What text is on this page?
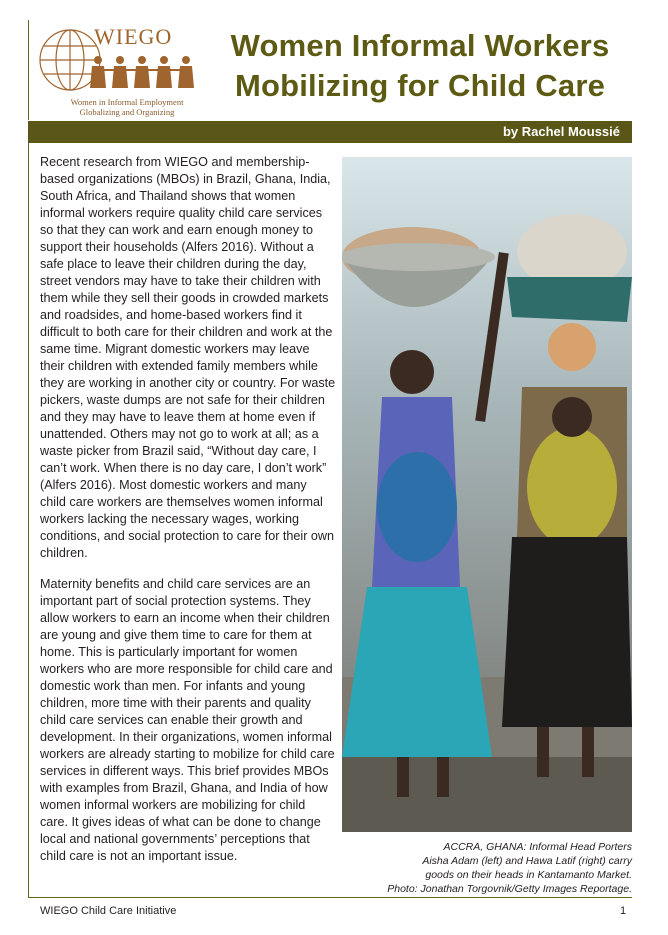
WIEGO
Women in Informal Employment
Globalizing and Organizing
Women Informal Workers
Mobilizing for Child Care
by Rachel Moussié

Recent research from WIEGO and membership-based organizations (MBOs) in Brazil, Ghana, India, South Africa, and Thailand shows that women informal workers require quality child care services so that they can work and earn enough money to support their households (Alfers 2016). Without a safe place to leave their children during the day, street vendors may have to take their children with them while they sell their goods in crowded markets and roadsides, and home-based workers find it difficult to both care for their children and work at the same time. Migrant domestic workers may leave their children with extended family members while they are working in another city or country. For waste pickers, waste dumps are not safe for their children and they may have to leave them at home even if unattended. Others may not go to work at all; as a waste picker from Brazil said, “Without day care, I can’t work. When there is no day care, I don’t work” (Alfers 2016). Most domestic workers and many child care workers are themselves women informal workers lacking the necessary wages, working conditions, and social protection to care for their own children.

Maternity benefits and child care services are an important part of social protection systems. They allow workers to earn an income when their children are young and give them time to care for them at home. This is particularly important for women workers who are more responsible for child care and domestic work than men. For infants and young children, more time with their parents and quality child care services can enable their growth and development. In their organizations, women informal workers are already starting to mobilize for child care services in different ways. This brief provides MBOs with examples from Brazil, Ghana, and India of how women informal workers are mobilizing for child care. It gives ideas of what can be done to change local and national governments’ perceptions that child care is not an important issue.

ACCRA, GHANA: Informal Head Porters
Aisha Adam (left) and Hawa Latif (right) carry
goods on their heads in Kantamanto Market.
Photo: Jonathan Torgovnik/Getty Images Reportage.
WIEGO Child Care Initiative	1
